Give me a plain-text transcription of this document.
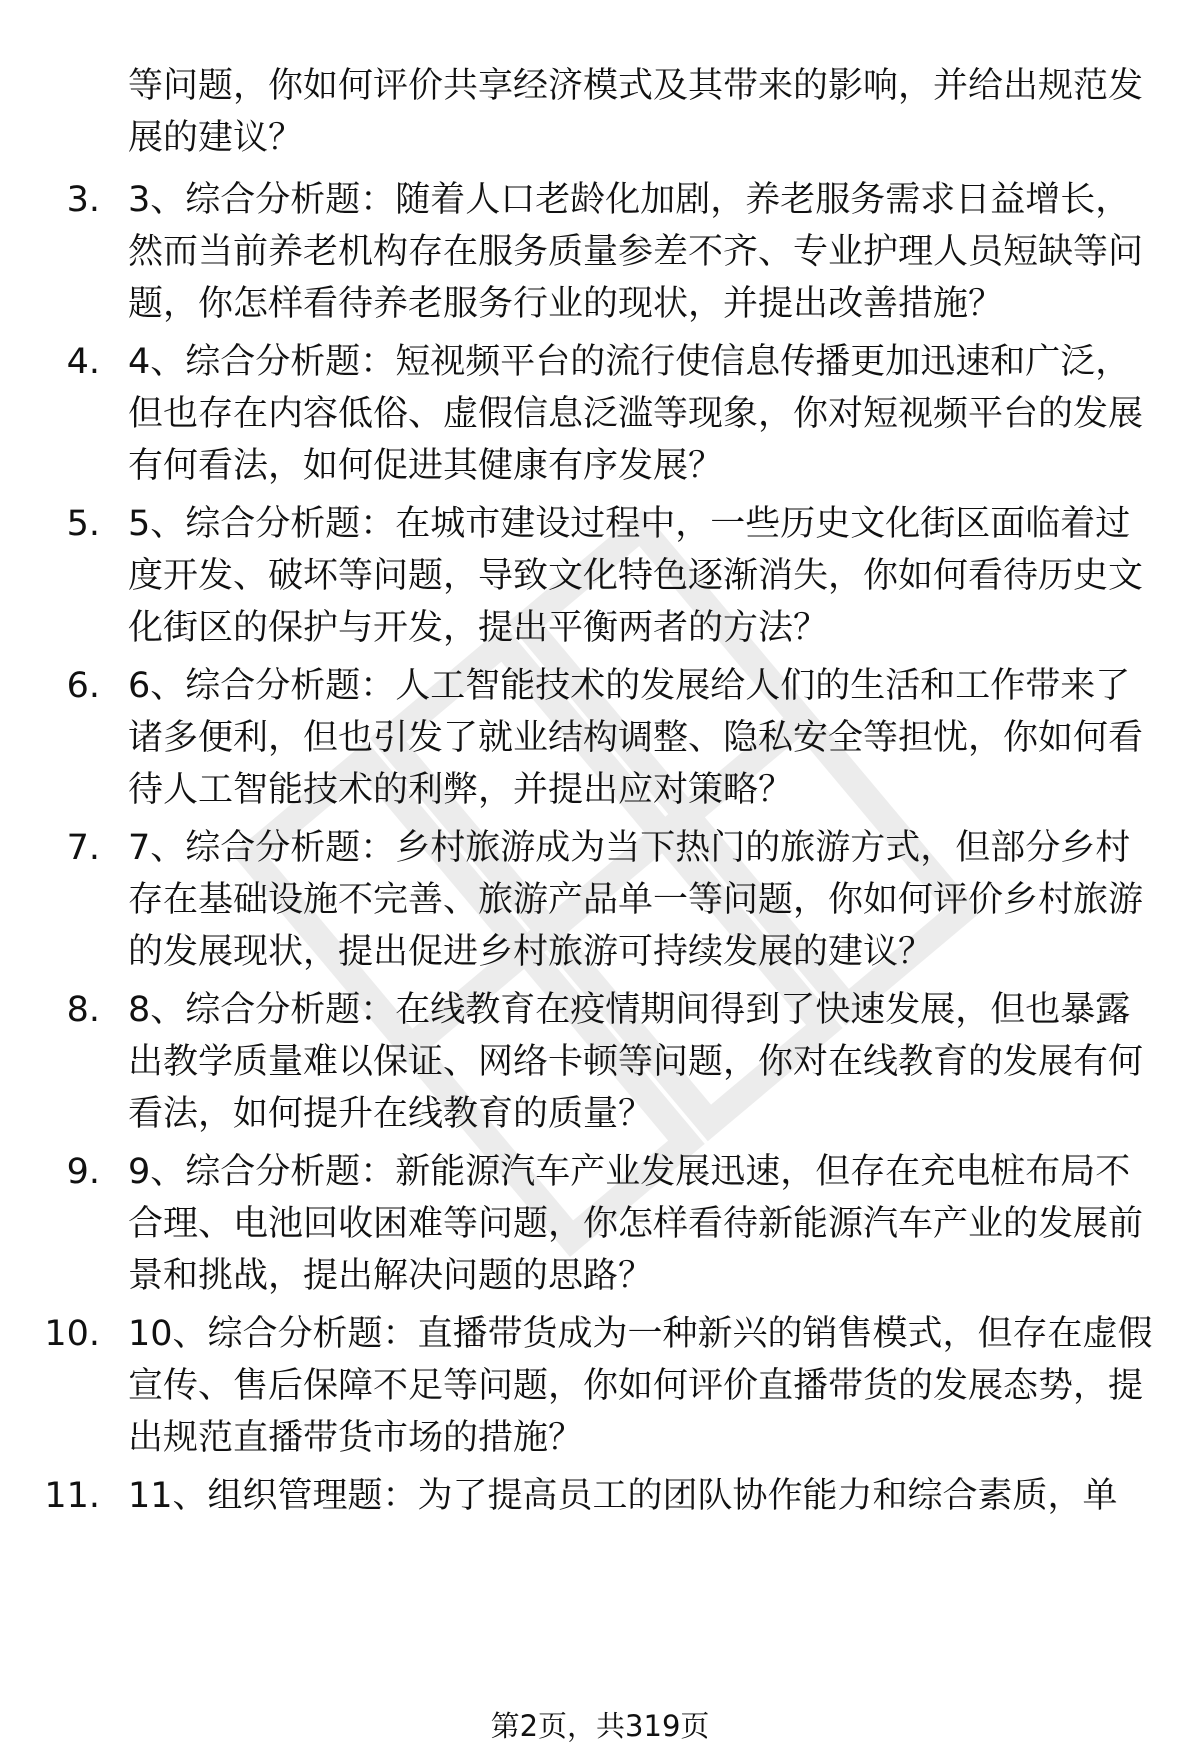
等问题，你如何评价共享经济模式及其带来的影响，并给出规范发展的建议？
3. 3、综合分析题：随着人口老龄化加剧，养老服务需求日益增长，然而当前养老机构存在服务质量参差不齐、专业护理人员短缺等问题，你怎样看待养老服务行业的现状，并提出改善措施？
4. 4、综合分析题：短视频平台的流行使信息传播更加迅速和广泛，但也存在内容低俗、虚假信息泛滥等现象，你对短视频平台的发展有何看法，如何促进其健康有序发展？
5. 5、综合分析题：在城市建设过程中，一些历史文化街区面临着过度开发、破坏等问题，导致文化特色逐渐消失，你如何看待历史文化街区的保护与开发，提出平衡两者的方法？
6. 6、综合分析题：人工智能技术的发展给人们的生活和工作带来了诸多便利，但也引发了就业结构调整、隐私安全等担忧，你如何看待人工智能技术的利弊，并提出应对策略？
7. 7、综合分析题：乡村旅游成为当下热门的旅游方式，但部分乡村存在基础设施不完善、旅游产品单一等问题，你如何评价乡村旅游的发展现状，提出促进乡村旅游可持续发展的建议？
8. 8、综合分析题：在线教育在疫情期间得到了快速发展，但也暴露出教学质量难以保证、网络卡顿等问题，你对在线教育的发展有何看法，如何提升在线教育的质量？
9. 9、综合分析题：新能源汽车产业发展迅速，但存在充电桩布局不合理、电池回收困难等问题，你怎样看待新能源汽车产业的发展前景和挑战，提出解决问题的思路？
10. 10、综合分析题：直播带货成为一种新兴的销售模式，但存在虚假宣传、售后保障不足等问题，你如何评价直播带货的发展态势，提出规范直播带货市场的措施？
11. 11、组织管理题：为了提高员工的团队协作能力和综合素质，单
第2页，共319页
